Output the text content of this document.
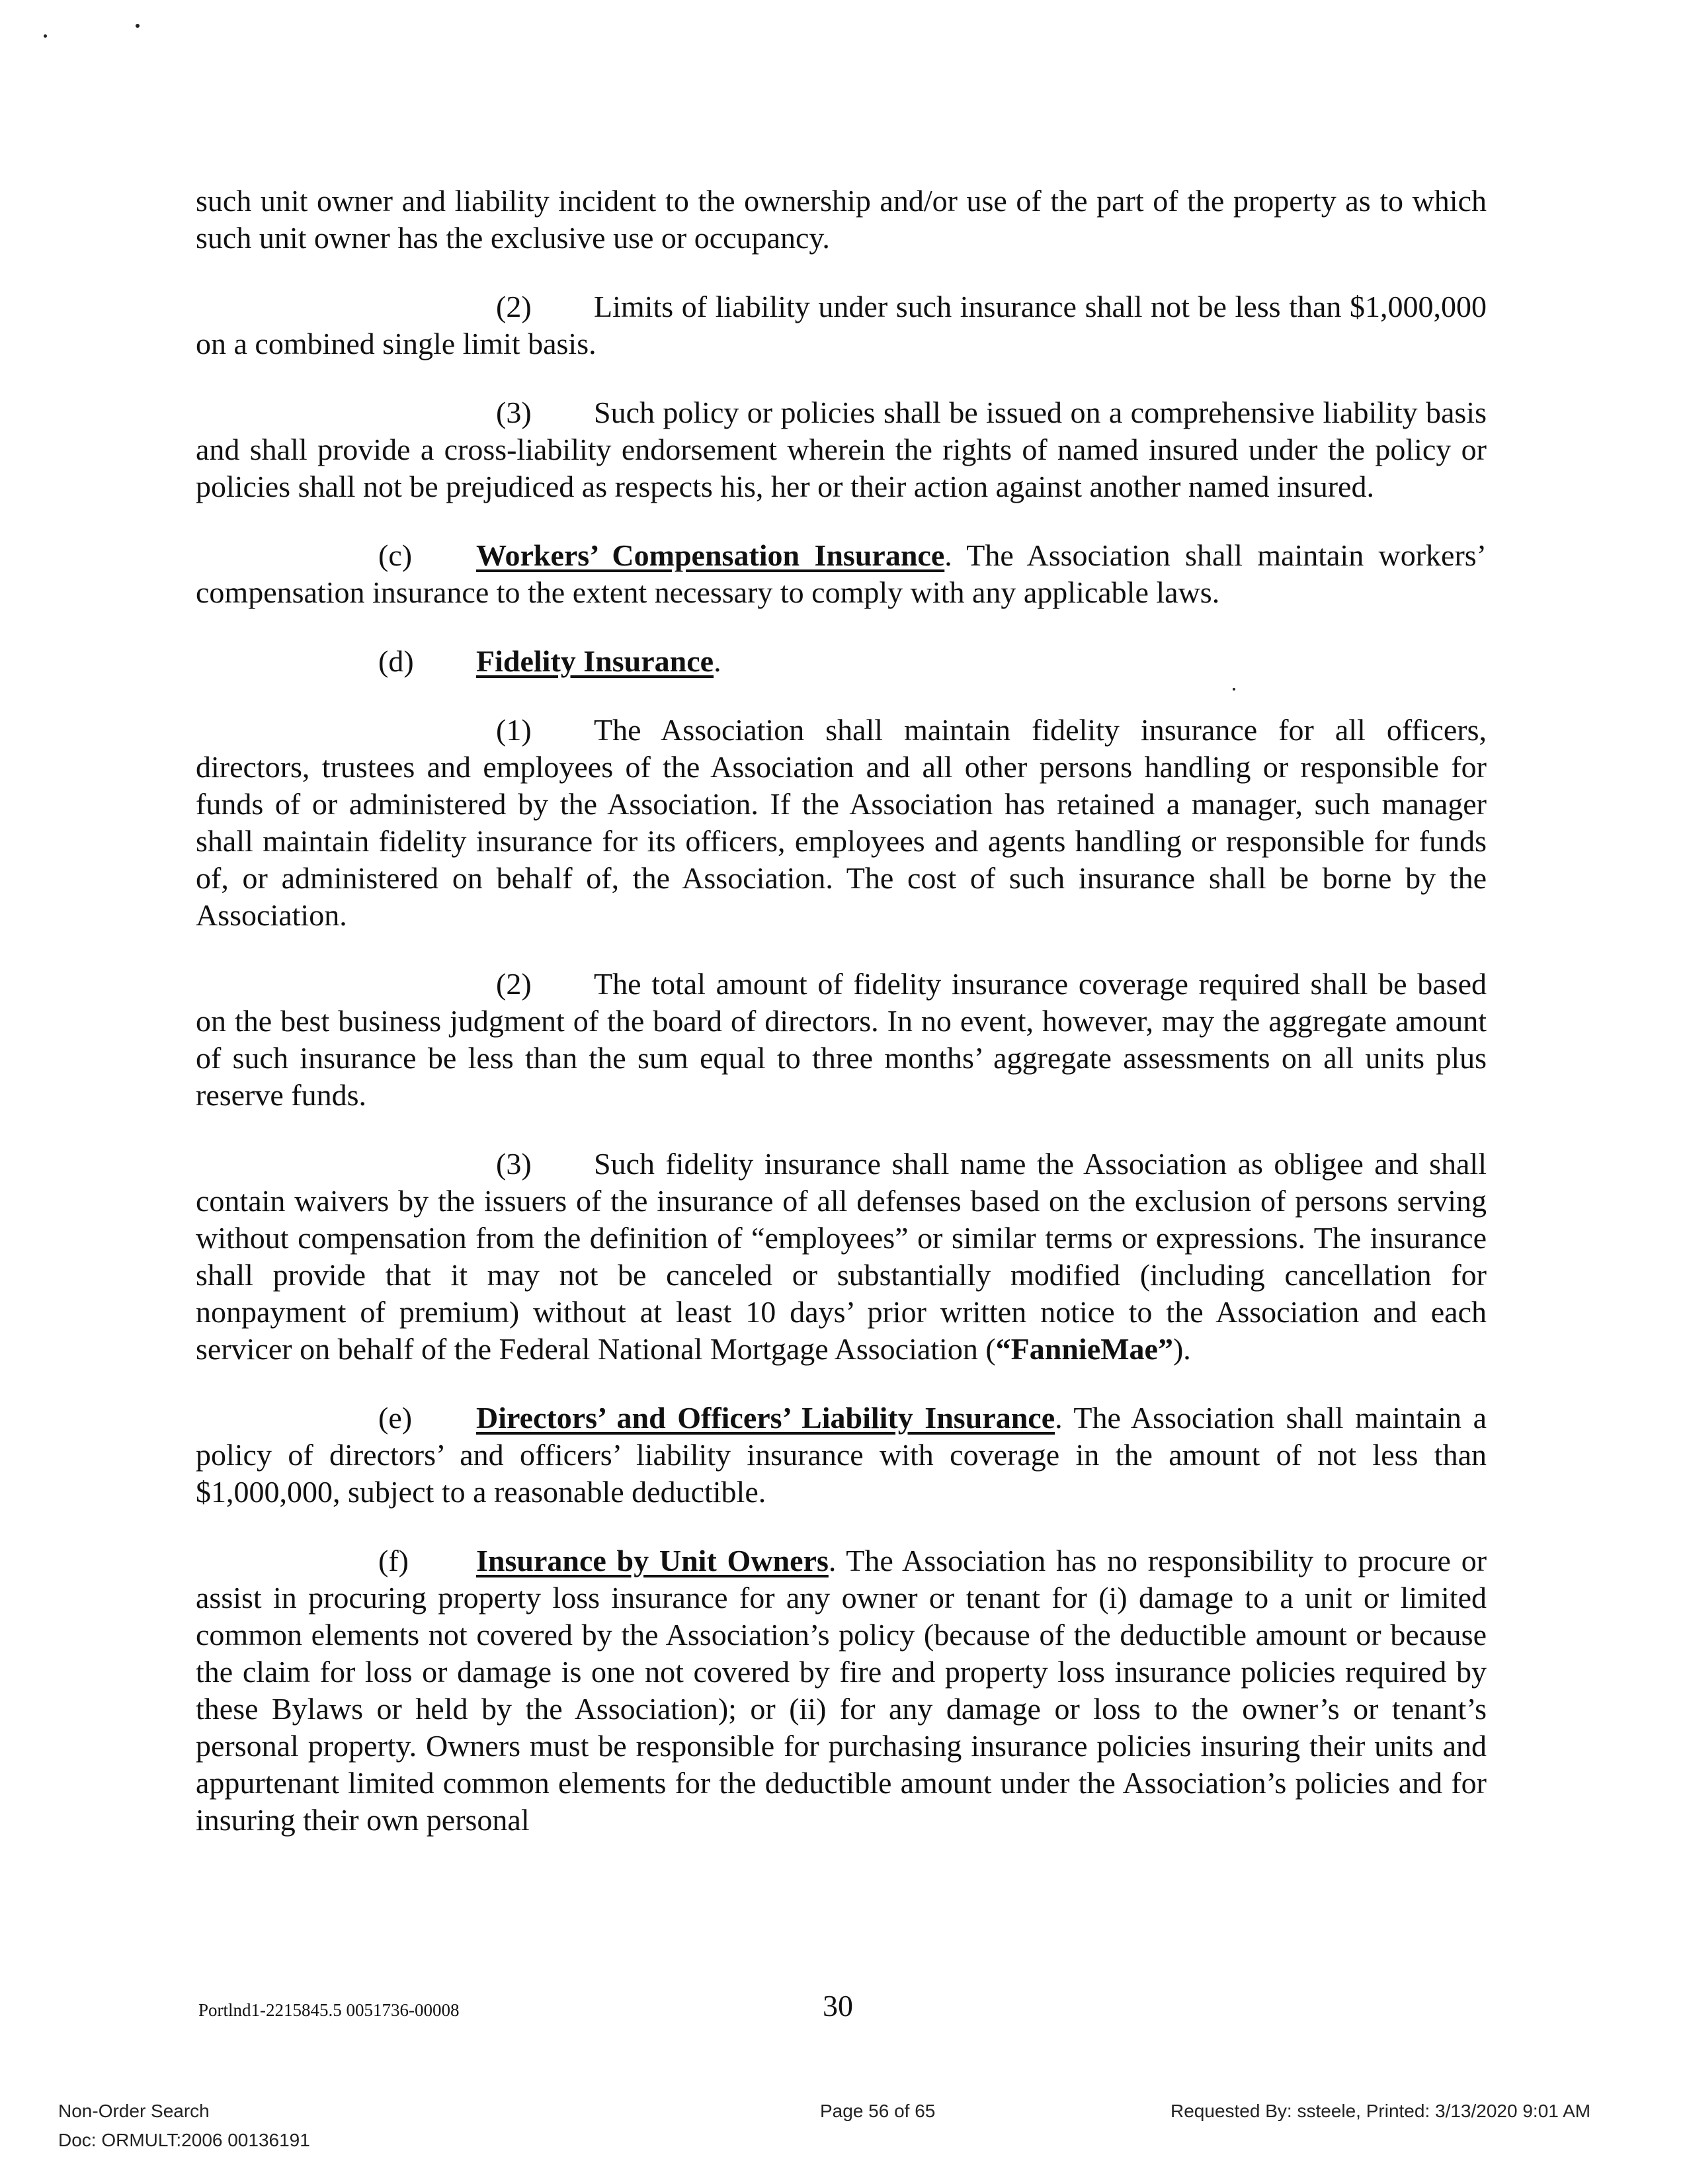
such unit owner and liability incident to the ownership and/or use of the part of the property as to which such unit owner has the exclusive use or occupancy.

(2) Limits of liability under such insurance shall not be less than $1,000,000 on a combined single limit basis.

(3) Such policy or policies shall be issued on a comprehensive liability basis and shall provide a cross-liability endorsement wherein the rights of named insured under the policy or policies shall not be prejudiced as respects his, her or their action against another named insured.

(c) Workers’ Compensation Insurance. The Association shall maintain workers’ compensation insurance to the extent necessary to comply with any applicable laws.

(d) Fidelity Insurance.

(1) The Association shall maintain fidelity insurance for all officers, directors, trustees and employees of the Association and all other persons handling or responsible for funds of or administered by the Association. If the Association has retained a manager, such manager shall maintain fidelity insurance for its officers, employees and agents handling or responsible for funds of, or administered on behalf of, the Association. The cost of such insurance shall be borne by the Association.

(2) The total amount of fidelity insurance coverage required shall be based on the best business judgment of the board of directors. In no event, however, may the aggregate amount of such insurance be less than the sum equal to three months’ aggregate assessments on all units plus reserve funds.

(3) Such fidelity insurance shall name the Association as obligee and shall contain waivers by the issuers of the insurance of all defenses based on the exclusion of persons serving without compensation from the definition of “employees” or similar terms or expressions. The insurance shall provide that it may not be canceled or substantially modified (including cancellation for nonpayment of premium) without at least 10 days’ prior written notice to the Association and each servicer on behalf of the Federal National Mortgage Association (“FannieMae”).

(e) Directors’ and Officers’ Liability Insurance. The Association shall maintain a policy of directors’ and officers’ liability insurance with coverage in the amount of not less than $1,000,000, subject to a reasonable deductible.

(f) Insurance by Unit Owners. The Association has no responsibility to procure or assist in procuring property loss insurance for any owner or tenant for (i) damage to a unit or limited common elements not covered by the Association’s policy (because of the deductible amount or because the claim for loss or damage is one not covered by fire and property loss insurance policies required by these Bylaws or held by the Association); or (ii) for any damage or loss to the owner’s or tenant’s personal property. Owners must be responsible for purchasing insurance policies insuring their units and appurtenant limited common elements for the deductible amount under the Association’s policies and for insuring their own personal

Portlnd1-2215845.5 0051736-00008	30
Non-Order Search
Doc: ORMULT:2006 00136191
Page 56 of 65	Requested By: ssteele, Printed: 3/13/2020 9:01 AM
